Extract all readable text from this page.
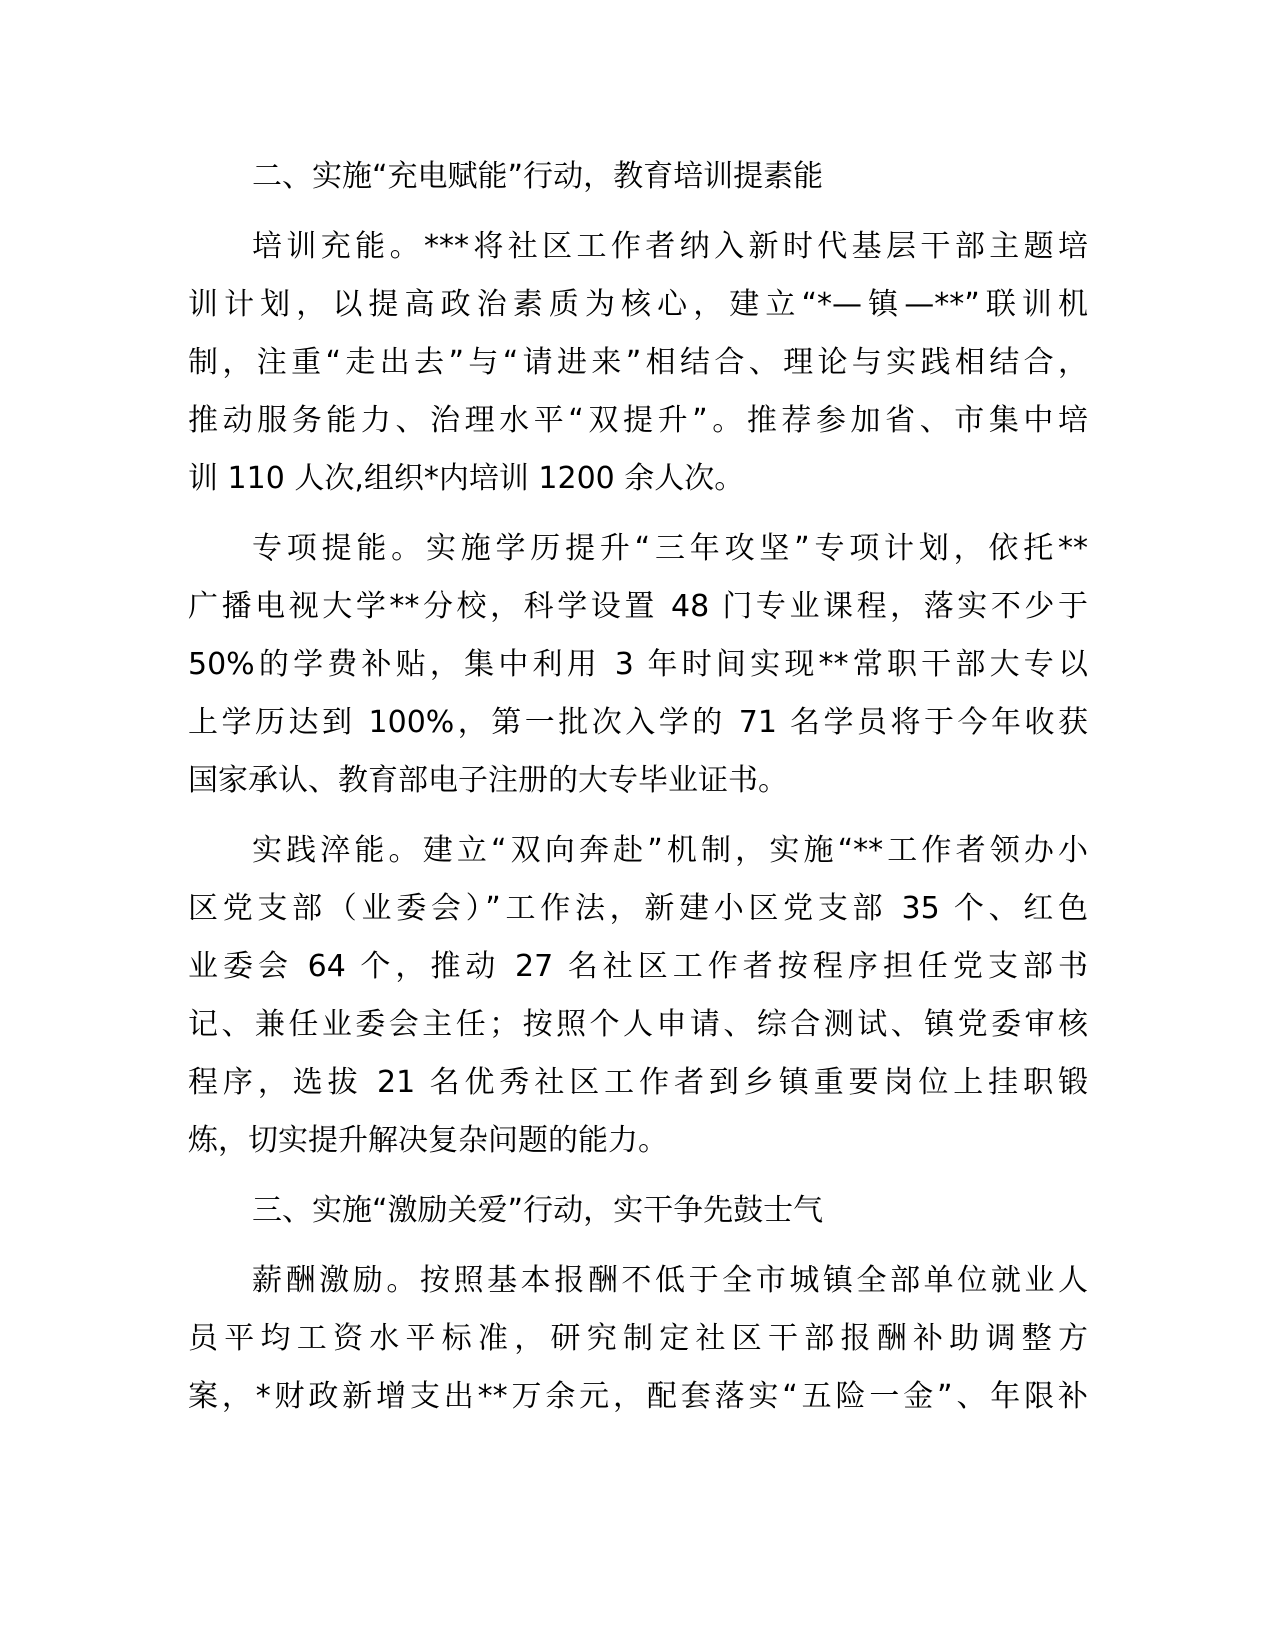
二、实施“充电赋能”行动，教育培训提素能
培训充能。***将社区工作者纳入新时代基层干部主题培
训计划，以提高政治素质为核心，建立“*—镇—**”联训机
制，注重“走出去”与“请进来”相结合、理论与实践相结合，
推动服务能力、治理水平“双提升”。推荐参加省、市集中培
训 110 人次,组织*内培训 1200 余人次。
专项提能。实施学历提升“三年攻坚”专项计划，依托**
广播电视大学**分校，科学设置 48 门专业课程，落实不少于
50%的学费补贴，集中利用 3 年时间实现**常职干部大专以
上学历达到 100%，第一批次入学的 71 名学员将于今年收获
国家承认、教育部电子注册的大专毕业证书。
实践淬能。建立“双向奔赴”机制，实施“**工作者领办小
区党支部（业委会）”工作法，新建小区党支部 35 个、红色
业委会 64 个，推动 27 名社区工作者按程序担任党支部书
记、兼任业委会主任；按照个人申请、综合测试、镇党委审核
程序，选拔 21 名优秀社区工作者到乡镇重要岗位上挂职锻
炼，切实提升解决复杂问题的能力。
三、实施“激励关爱”行动，实干争先鼓士气
薪酬激励。按照基本报酬不低于全市城镇全部单位就业人
员平均工资水平标准，研究制定社区干部报酬补助调整方
案，*财政新增支出**万余元，配套落实“五险一金”、年限补
